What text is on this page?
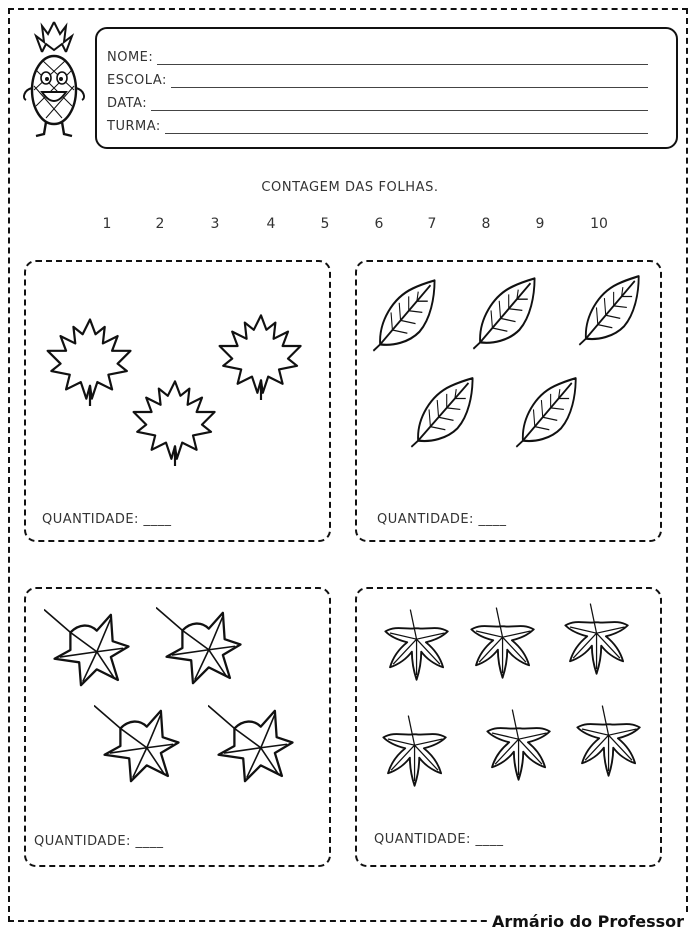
NOME:
ESCOLA:
DATA:
TURMA:
CONTAGEM DAS FOLHAS.
1	2	3	4	5	6	7	8	9	10
QUANTIDADE: ____	QUANTIDADE: ____
QUANTIDADE: ____	QUANTIDADE: ____
Armário do Professor
